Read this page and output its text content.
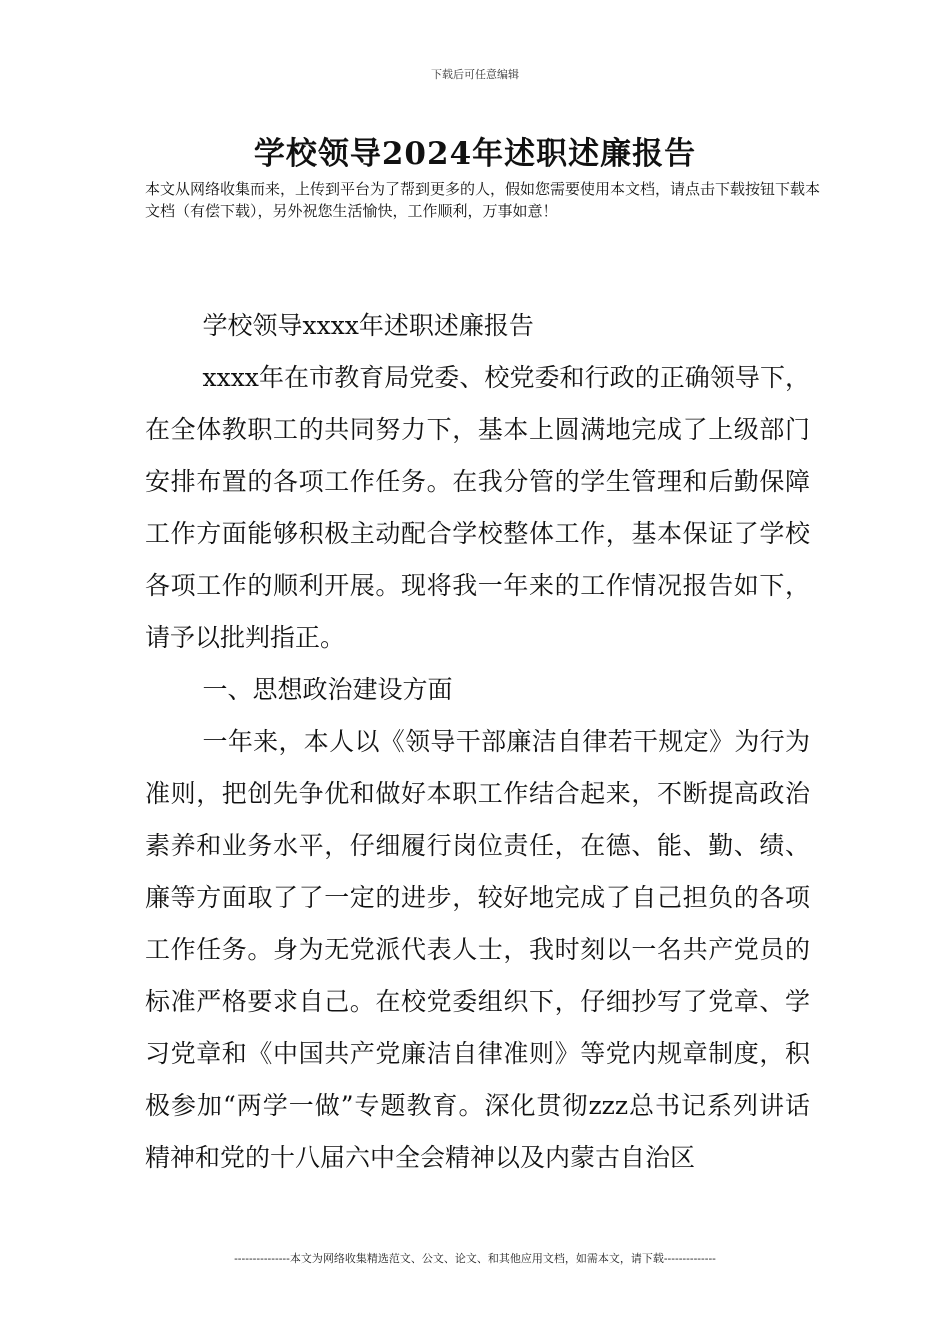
下载后可任意编辑
学校领导2024年述职述廉报告

本文从网络收集而来，上传到平台为了帮到更多的人，假如您需要使用本文档，请点击下载按钮下载本文档（有偿下载），另外祝您生活愉快，工作顺利，万事如意！

学校领导xxxx年述职述廉报告

xxxx年在市教育局党委、校党委和行政的正确领导下，在全体教职工的共同努力下，基本上圆满地完成了上级部门安排布置的各项工作任务。在我分管的学生管理和后勤保障工作方面能够积极主动配合学校整体工作，基本保证了学校各项工作的顺利开展。现将我一年来的工作情况报告如下，请予以批判指正。

一、思想政治建设方面

一年来，本人以《领导干部廉洁自律若干规定》为行为准则，把创先争优和做好本职工作结合起来，不断提高政治素养和业务水平，仔细履行岗位责任，在德、能、勤、绩、廉等方面取了了一定的进步，较好地完成了自己担负的各项工作任务。身为无党派代表人士，我时刻以一名共产党员的标准严格要求自己。在校党委组织下，仔细抄写了党章、学习党章和《中国共产党廉洁自律准则》等党内规章制度，积极参加“两学一做”专题教育。深化贯彻zzz总书记系列讲话精神和党的十八届六中全会精神以及内蒙古自治区

---------------本文为网络收集精选范文、公文、论文、和其他应用文档，如需本文，请下载--------------
